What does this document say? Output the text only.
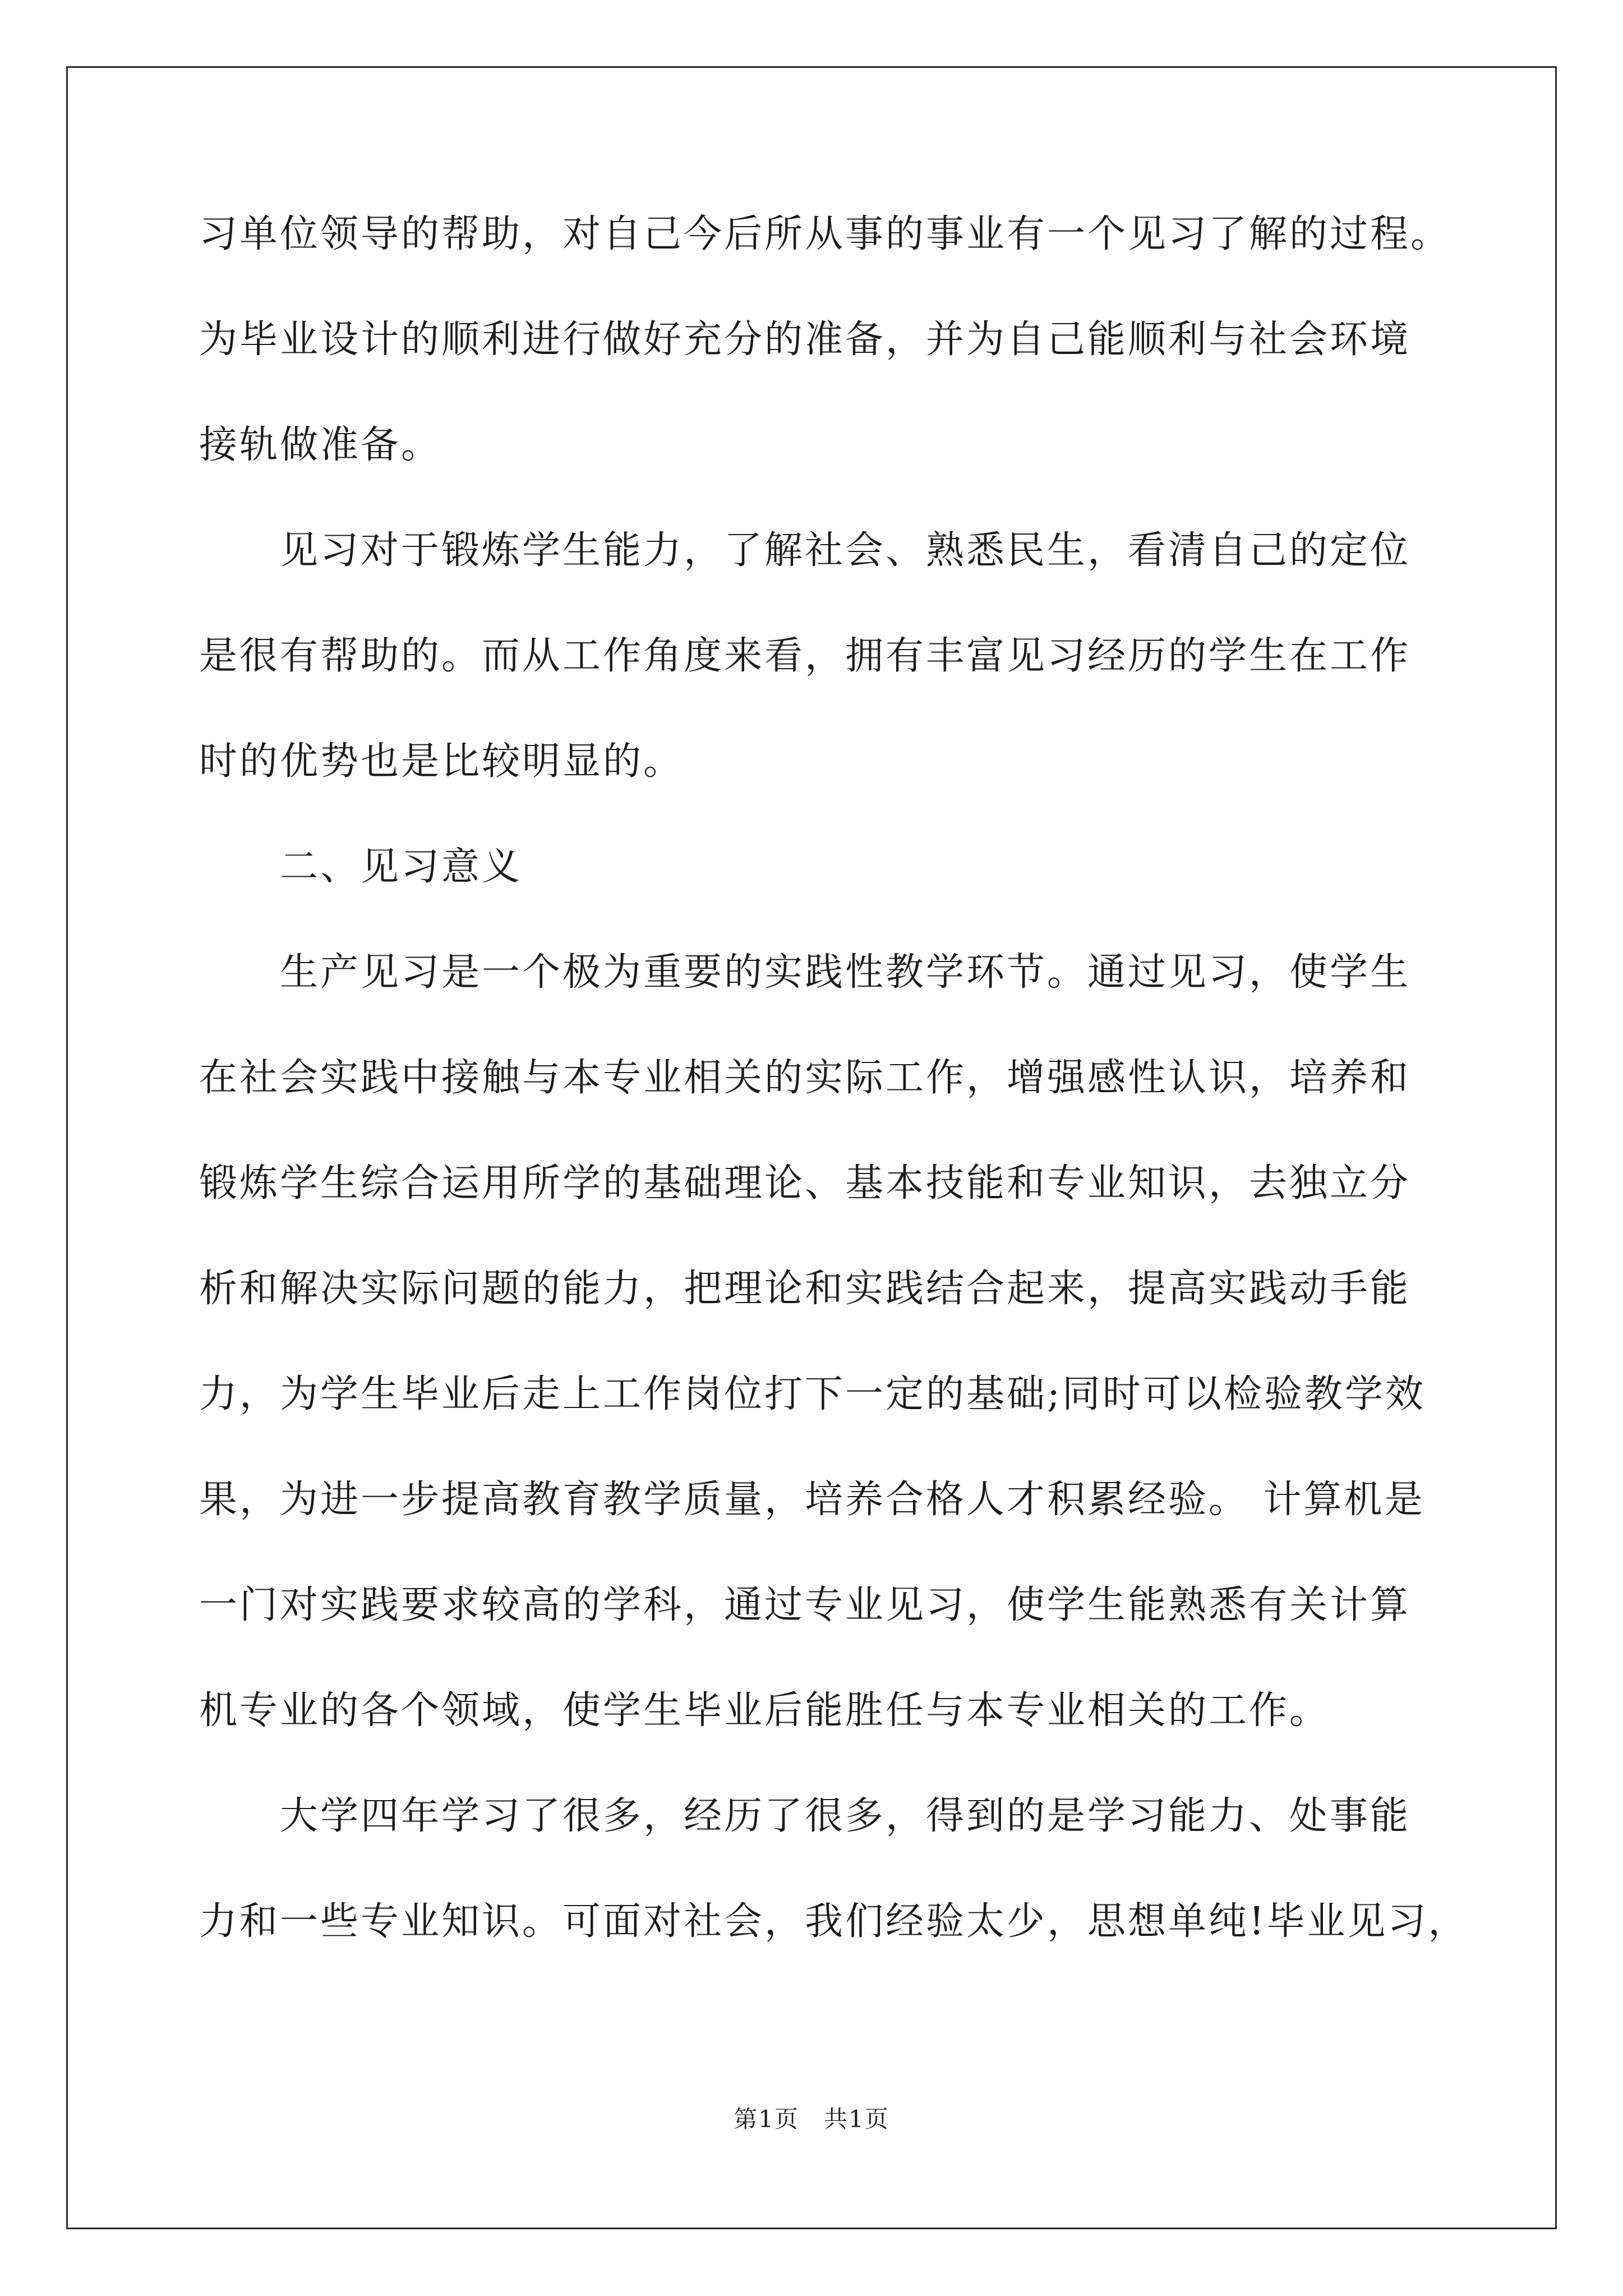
习单位领导的帮助，对自己今后所从事的事业有一个见习了解的过程。

为毕业设计的顺利进行做好充分的准备，并为自己能顺利与社会环境

接轨做准备。

　　见习对于锻炼学生能力，了解社会、熟悉民生，看清自己的定位

是很有帮助的。而从工作角度来看，拥有丰富见习经历的学生在工作

时的优势也是比较明显的。

　　二、见习意义

　　生产见习是一个极为重要的实践性教学环节。通过见习，使学生

在社会实践中接触与本专业相关的实际工作，增强感性认识，培养和

锻炼学生综合运用所学的基础理论、基本技能和专业知识，去独立分

析和解决实际问题的能力，把理论和实践结合起来，提高实践动手能

力，为学生毕业后走上工作岗位打下一定的基础;同时可以检验教学效

果，为进一步提高教育教学质量，培养合格人才积累经验。 计算机是

一门对实践要求较高的学科，通过专业见习，使学生能熟悉有关计算

机专业的各个领域，使学生毕业后能胜任与本专业相关的工作。

　　大学四年学习了很多，经历了很多，得到的是学习能力、处事能

力和一些专业知识。可面对社会，我们经验太少，思想单纯!毕业见习，

第1页　共1页
